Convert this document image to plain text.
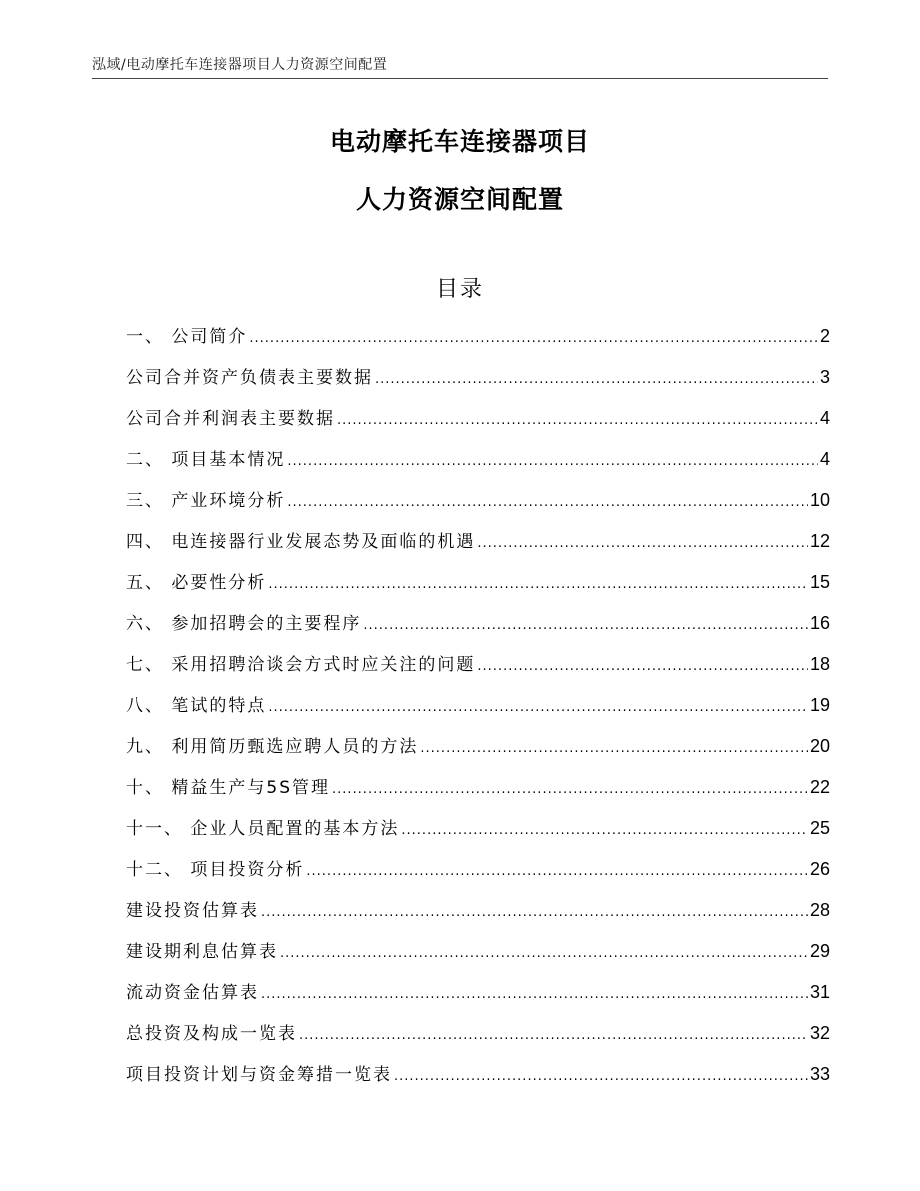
泓域/电动摩托车连接器项目人力资源空间配置
电动摩托车连接器项目
人力资源空间配置
目录
一、 公司简介 .....	2
公司合并资产负债表主要数据 .....	3
公司合并利润表主要数据 .....	4
二、 项目基本情况 .....	4
三、 产业环境分析 .....	10
四、 电连接器行业发展态势及面临的机遇 .....	12
五、 必要性分析 .....	15
六、 参加招聘会的主要程序 .....	16
七、 采用招聘洽谈会方式时应关注的问题 .....	18
八、 笔试的特点 .....	19
九、 利用简历甄选应聘人员的方法 .....	20
十、 精益生产与5S管理 .....	22
十一、 企业人员配置的基本方法 .....	25
十二、 项目投资分析 .....	26
建设投资估算表 .....	28
建设期利息估算表 .....	29
流动资金估算表 .....	31
总投资及构成一览表 .....	32
项目投资计划与资金筹措一览表 .....	33
